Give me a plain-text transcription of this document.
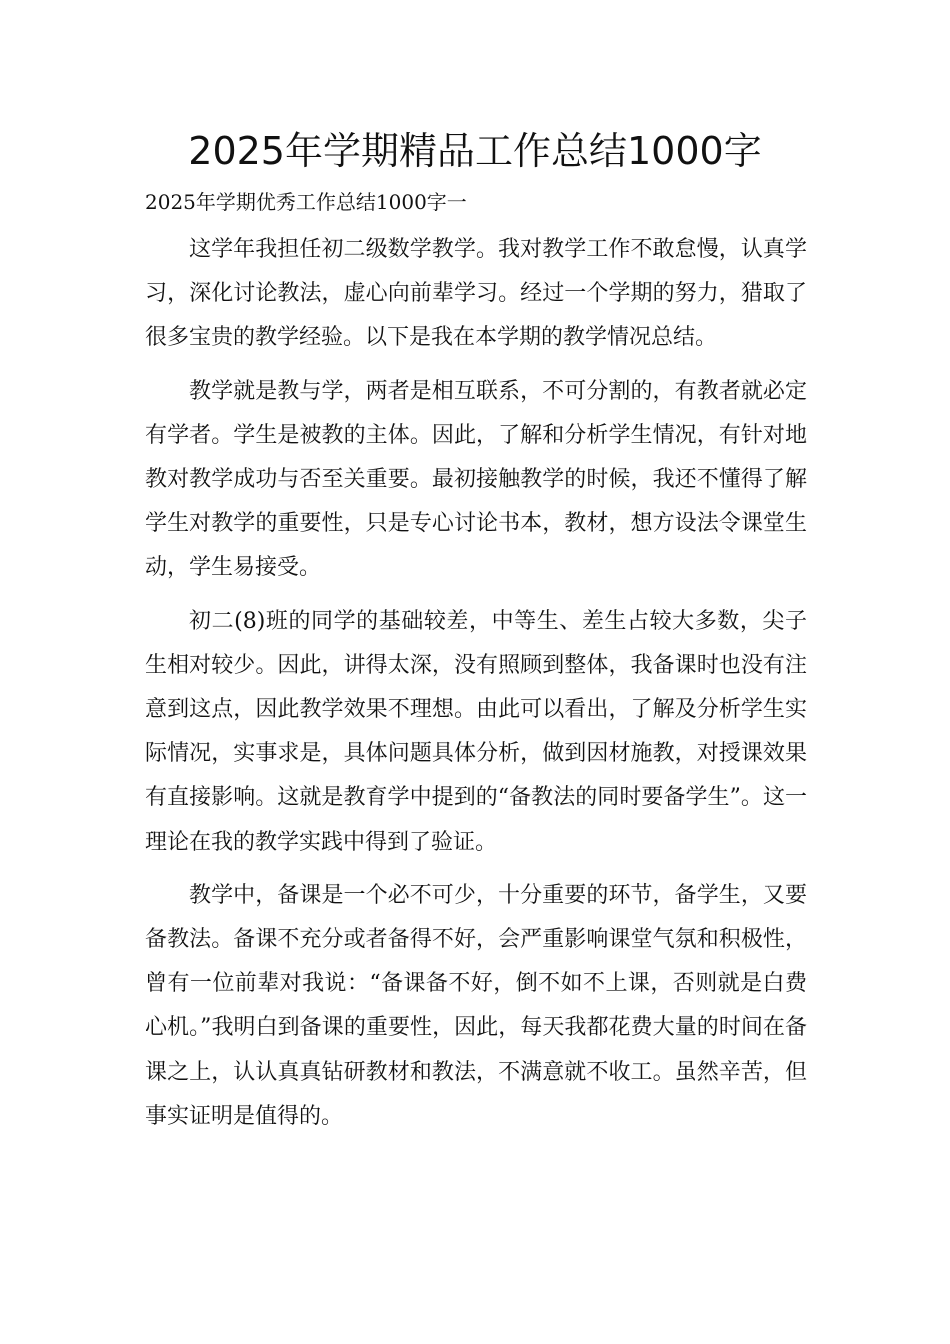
2025年学期精品工作总结1000字
2025年学期优秀工作总结1000字一

这学年我担任初二级数学教学。我对教学工作不敢怠慢，认真学习，深化讨论教法，虚心向前辈学习。经过一个学期的努力，猎取了很多宝贵的教学经验。以下是我在本学期的教学情况总结。

教学就是教与学，两者是相互联系，不可分割的，有教者就必定有学者。学生是被教的主体。因此，了解和分析学生情况，有针对地教对教学成功与否至关重要。最初接触教学的时候，我还不懂得了解学生对教学的重要性，只是专心讨论书本，教材，想方设法令课堂生动，学生易接受。

初二(8)班的同学的基础较差，中等生、差生占较大多数，尖子生相对较少。因此，讲得太深，没有照顾到整体，我备课时也没有注意到这点，因此教学效果不理想。由此可以看出，了解及分析学生实际情况，实事求是，具体问题具体分析，做到因材施教，对授课效果有直接影响。这就是教育学中提到的“备教法的同时要备学生”。这一理论在我的教学实践中得到了验证。

教学中，备课是一个必不可少，十分重要的环节，备学生，又要备教法。备课不充分或者备得不好，会严重影响课堂气氛和积极性，曾有一位前辈对我说：“备课备不好，倒不如不上课，否则就是白费心机。”我明白到备课的重要性，因此，每天我都花费大量的时间在备课之上，认认真真钻研教材和教法，不满意就不收工。虽然辛苦，但事实证明是值得的。
